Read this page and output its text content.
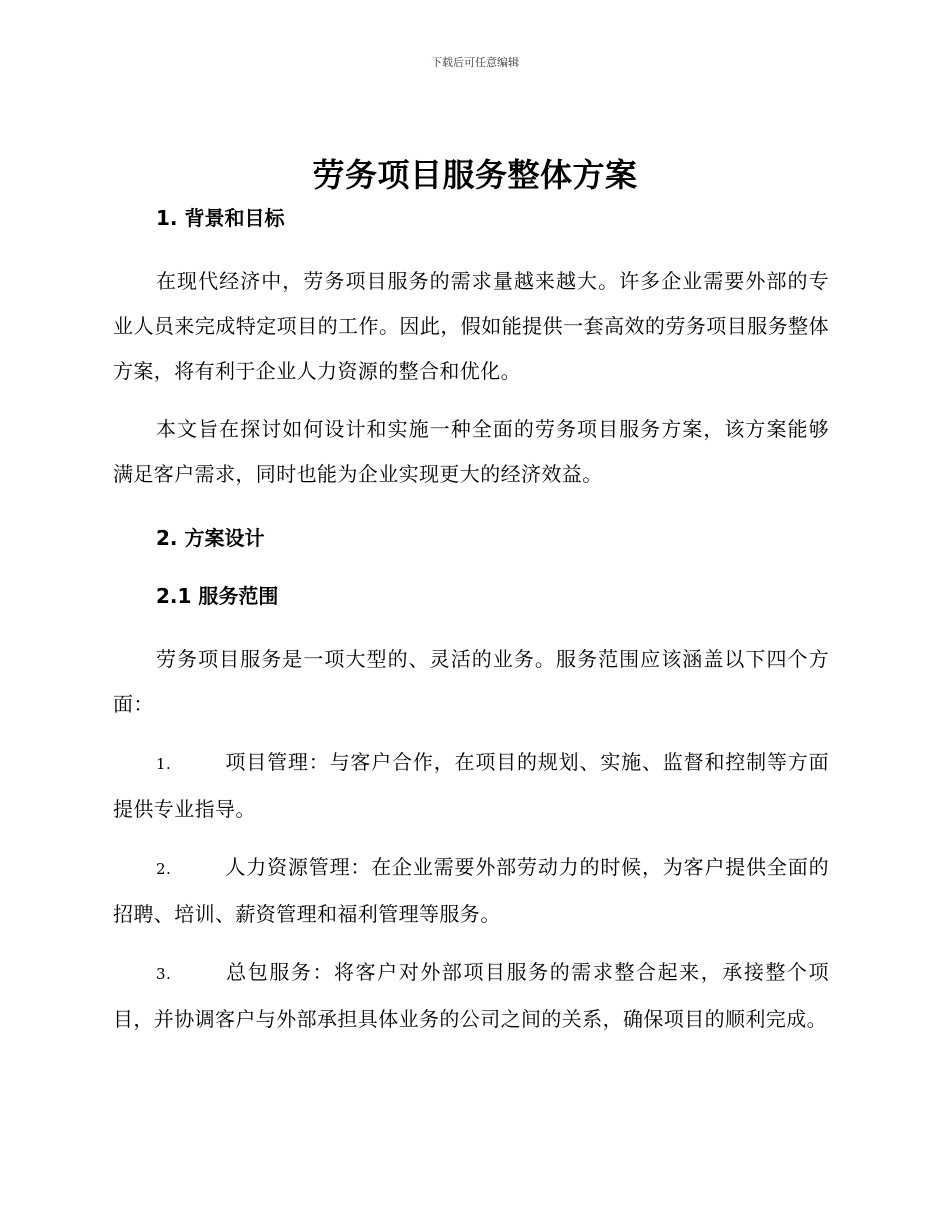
下载后可任意编辑
劳务项目服务整体方案
1. 背景和目标

在现代经济中，劳务项目服务的需求量越来越大。许多企业需要外部的专业人员来完成特定项目的工作。因此，假如能提供一套高效的劳务项目服务整体方案，将有利于企业人力资源的整合和优化。

本文旨在探讨如何设计和实施一种全面的劳务项目服务方案，该方案能够满足客户需求，同时也能为企业实现更大的经济效益。

2. 方案设计
2.1 服务范围

劳务项目服务是一项大型的、灵活的业务。服务范围应该涵盖以下四个方面：

1.	项目管理：与客户合作，在项目的规划、实施、监督和控制等方面提供专业指导。

2.	人力资源管理：在企业需要外部劳动力的时候，为客户提供全面的招聘、培训、薪资管理和福利管理等服务。

3.	总包服务：将客户对外部项目服务的需求整合起来，承接整个项目，并协调客户与外部承担具体业务的公司之间的关系，确保项目的顺利完成。
